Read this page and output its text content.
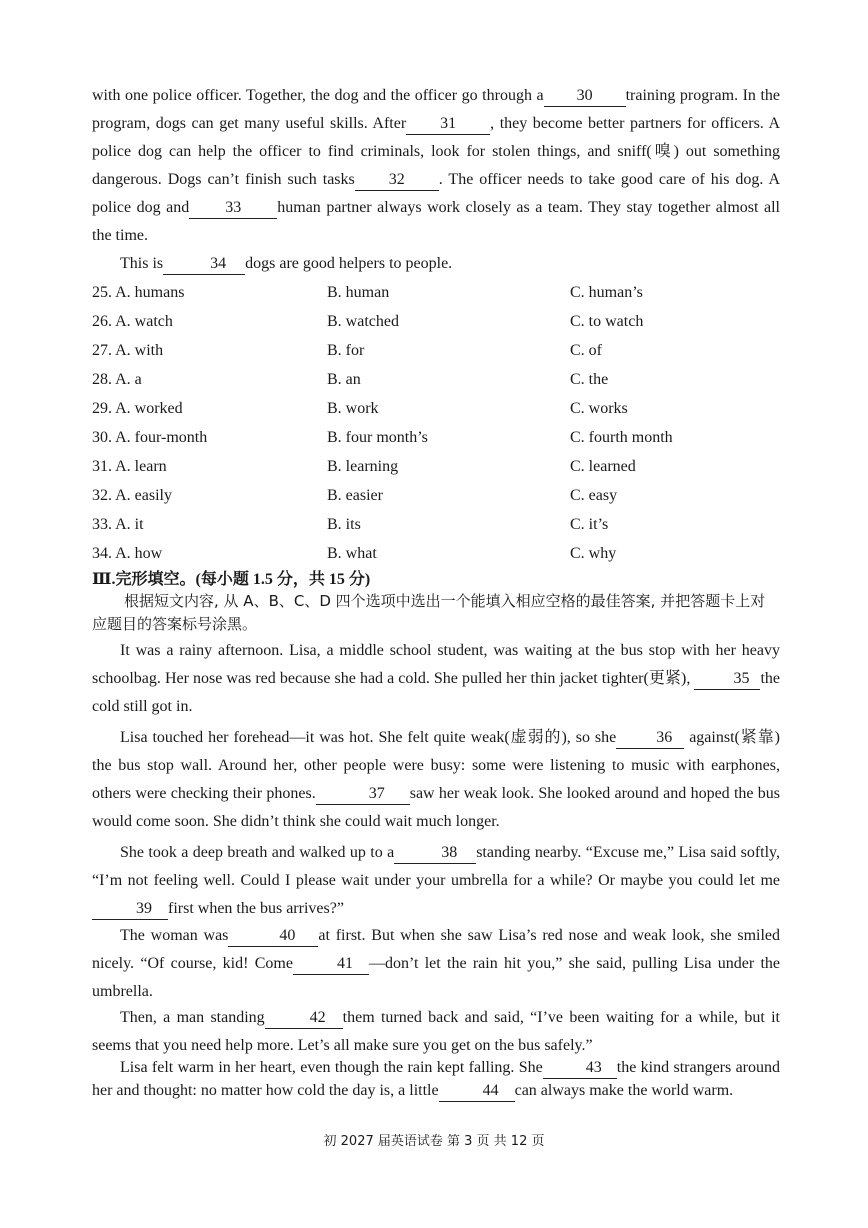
with one police officer. Together, the dog and the officer go through a 30 training program. In the program, dogs can get many useful skills. After 31 , they become better partners for officers. A police dog can help the officer to find criminals, look for stolen things, and sniff(嗅) out something dangerous. Dogs can’t finish such tasks 32 . The officer needs to take good care of his dog. A police dog and 33 human partner always work closely as a team. They stay together almost all the time.

This is	34 dogs are good helpers to people.

25. A. humans	B. human	C. human’s
26. A. watch	B. watched	C. to watch
27. A. with	B. for	C. of
28. A. a	B. an	C. the
29. A. worked	B. work	C. works
30. A. four-month	B. four month’s	C. fourth month
31. A. learn	B. learning	C. learned
32. A. easily	B. easier	C. easy
33. A. it	B. its	C. it’s
34. A. how	B. what	C. why

Ⅲ.完形填空。(每小题 1.5 分，共 15 分)

根据短文内容, 从 A、B、C、D 四个选项中选出一个能填入相应空格的最佳答案, 并把答题卡上对应题目的答案标号涂黑。

It was a rainy afternoon. Lisa, a middle school student, was waiting at the bus stop with her heavy schoolbag. Her nose was red because she had a cold. She pulled her thin jacket tighter(更紧),	35 the cold still got in.

Lisa touched her forehead—it was hot. She felt quite weak(虚弱的), so she	36 against(紧靠) the bus stop wall. Around her, other people were busy: some were listening to music with earphones, others were checking their phones.	37 saw her weak look. She looked around and hoped the bus would come soon. She didn’t think she could wait much longer.

She took a deep breath and walked up to a	38 standing nearby. “Excuse me,” Lisa said softly, “I’m not feeling well. Could I please wait under your umbrella for a while? Or maybe you could let me39 first when the bus arrives?”

The woman was	40 at first. But when she saw Lisa’s red nose and weak look, she smiled nicely. “Of course, kid! Come	41 —don’t let the rain hit you,” she said, pulling Lisa under the umbrella.

Then, a man standing	42 them turned back and said, “I’ve been waiting for a while, but it seems that you need help more. Let’s all make sure you get on the bus safely.”

Lisa felt warm in her heart, even though the rain kept falling. She	43 the kind strangers around her and thought: no matter how cold the day is, a little	44 can always make the world warm.

初 2027 届英语试卷 第 3 页 共 12 页
